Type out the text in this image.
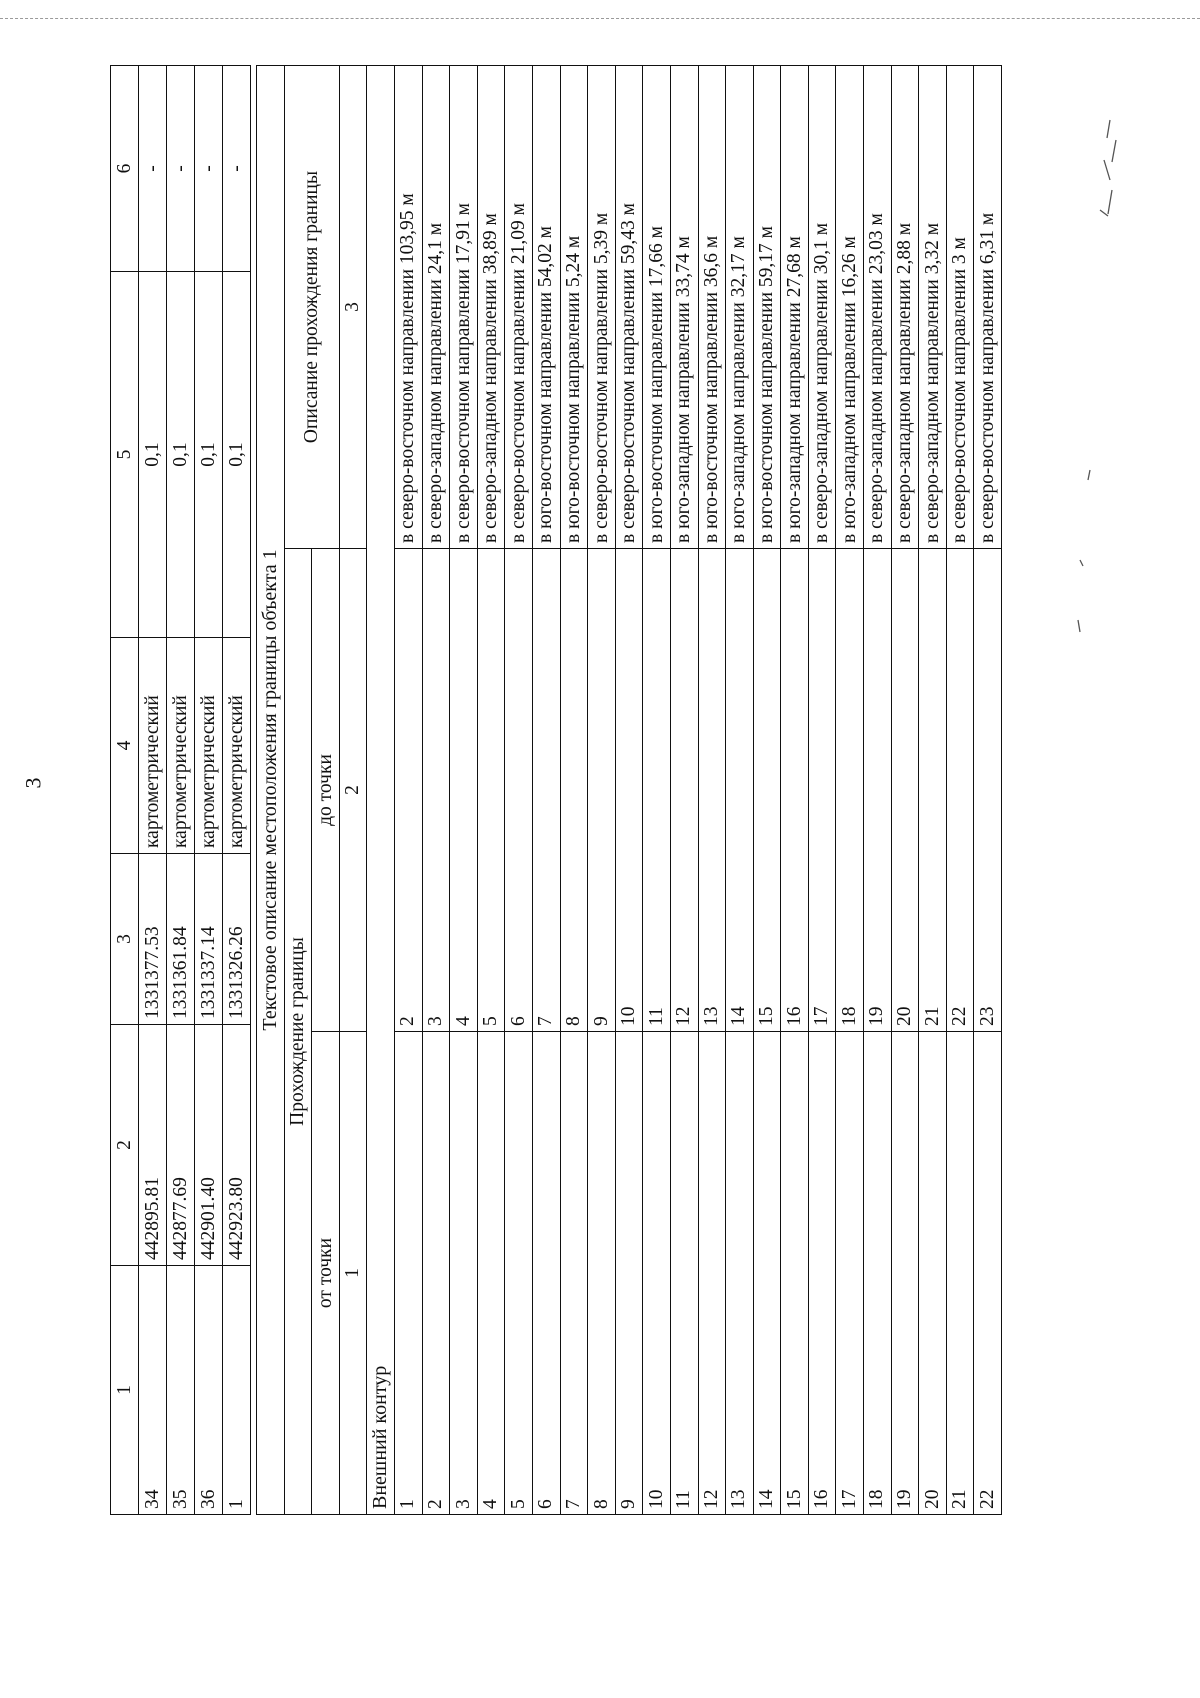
3
1	2	3	4	5	6
34	442895.81	1331377.53	картометрический	0,1	-
35	442877.69	1331361.84	картометрический	0,1	-
36	442901.40	1331337.14	картометрический	0,1	-
1	442923.80	1331326.26	картометрический	0,1	-
Текстовое описание местоположения границы объекта 1		
Прохождение границы		Описание прохождения границы
от точки	до точки	
1	2	3
Внешний контур		
1	2	в северо-восточном направлении 103,95 м
2	3	в северо-западном направлении 24,1 м
3	4	в северо-восточном направлении 17,91 м
4	5	в северо-западном направлении 38,89 м
5	6	в северо-восточном направлении 21,09 м
6	7	в юго-восточном направлении 54,02 м
7	8	в юго-восточном направлении 5,24 м
8	9	в северо-восточном направлении 5,39 м
9	10	в северо-восточном направлении 59,43 м
10	11	в юго-восточном направлении 17,66 м
11	12	в юго-западном направлении 33,74 м
12	13	в юго-восточном направлении 36,6 м
13	14	в юго-западном направлении 32,17 м
14	15	в юго-восточном направлении 59,17 м
15	16	в юго-западном направлении 27,68 м
16	17	в северо-западном направлении 30,1 м
17	18	в юго-западном направлении 16,26 м
18	19	в северо-западном направлении 23,03 м
19	20	в северо-западном направлении 2,88 м
20	21	в северо-западном направлении 3,32 м
21	22	в северо-восточном направлении 3 м
22	23	в северо-восточном направлении 6,31 м
